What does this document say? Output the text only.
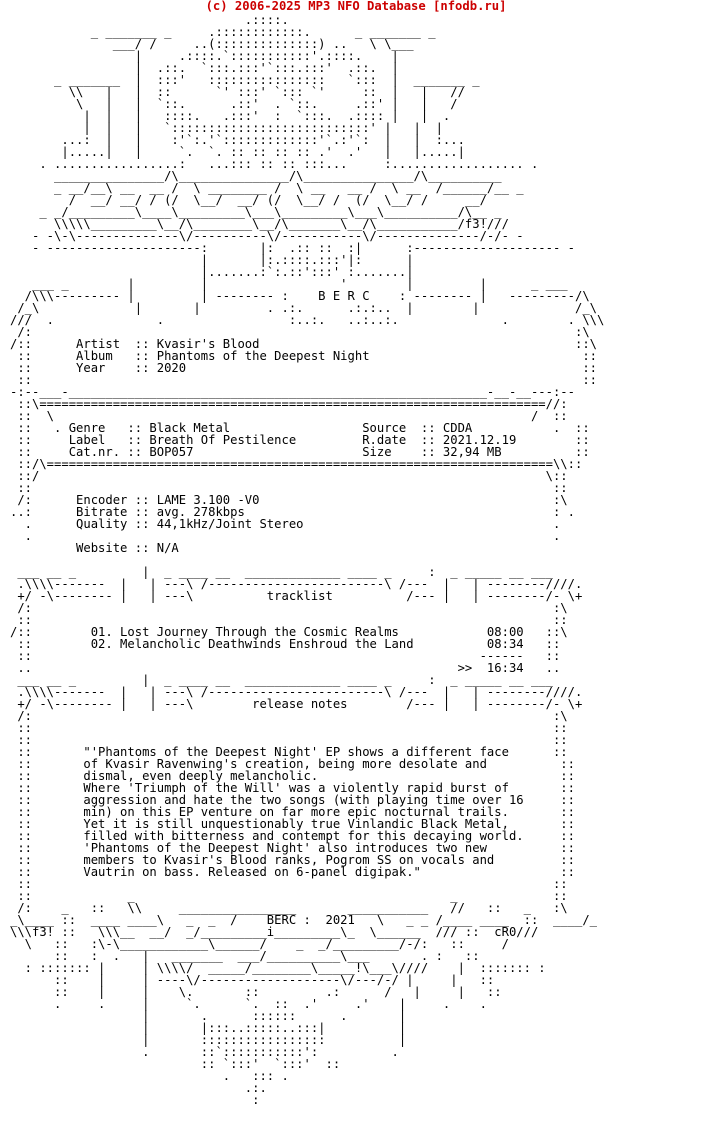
(c) 2006-2025 MP3 NFO Database [nfodb.ru]
.::::.
_ _______ _     .::::::::::::.      _ _______ _
___/ /     ..(::::::::::::::) ..   \ \___
|     .::::.`:::::::::::'.::::.    |
|  .::.  `:::.:::'`:::.:::'  .::.  |
_ _______  |  :::'   ::::::::::::::::   `:::  |  _______ _
\\   |   |  ::      `' :::' `::: `'     ::  |   |   //
\   |   |  `::.      .::'  . `::.     .::' |   |   /
|  |   |   ::::.   .:::'  :  `:::.  .:::: |   |  .
|  |   |   `:::::::::::::::::::::::::::' |   |  |
...:  |   |    :'`:.'`:::::::::::::'`.:'`:  |   |  :...
|.....|   |     `.  `. :: :: :: :: .'  .'   |   |.....|
. .................:   ...::: :: :: :::...     :.................. .
_______________/\_______________/\_______________/\__________
_ __/__\ __  __ /  \ ________ /  \ __   __ /  \ __  /______/__ _
/  __/ __/ / (/  \__/  __/ (/  \__/ /  (/  \__/ /     __/
_ _/_________\____\_________\___\_________\___\__________/\__ _
\\\\\_________\__/\________\__/\_______\__/\___________/f3!///
- -\-\--------------\/----------\/-----------\/--------------/-/- -
- ---------------------:       |:  .:: ::  :|      :-------------------- -
|       |:.::::.:::'|:      |
|.......:`:.::':::' :.......|
___ _        |         |                  '        |         |      _ ___
/\\\--------- |         | -------- :    B E R C    : -------- |   ---------/\
/_\             |       |         . .:.      .:.:..  |        |             /_\
///  .              .                 :..:.   ..:..:.              .        . \\\
/:                                                                          :\
/::      Artist  :: Kvasir's Blood                                           ::\
::      Album   :: Phantoms of the Deepest Night                             ::
::      Year    :: 2020                                                      ::
::                                                                           ::
-:--___-_________________________________________________________-__-__---:--
::\=====================================================================//:
::  \                                                                 /  ::
::   . Genre   :: Black Metal                  Source  :: CDDA           .  ::
::     Label   :: Breath Of Pestilence         R.date  :: 2021.12.19        ::
::     Cat.nr. :: BOP057                       Size    :: 32,94 MB          ::
::/\=====================================================================\\::
::/                                                                     \::
::                                                                       ::
/:      Encoder :: LAME 3.100 -V0                                        :\
..:      Bitrate :: avg. 278kbps                                          : .
.      Quality :: 44,1kHz/Joint Stereo                                  .
.                                                                       .
Website :: N/A

___ __ _         |  _ ____ __  _____________ ____ _     :  _ _____ __ ___
.\\\\-------  |   | ---\ /------------------------\ /---  |   | --------////.
+/ -\-------- |   | ---\          tracklist          /--- |   | --------/- \+
/:                                                                       :\
::                                                                       ::
/::        01. Lost Journey Through the Cosmic Realms            08:00   ::\
::        02. Melancholic Deathwinds Enshroud the Land          08:34   ::
::                                                             ------   ::
..                                                          >>  16:34   ..
___ __ _         |  _ ____ __  _____________ ____ _     :  _ _____ __ ___
.\\\\-------  |   | ---\ /------------------------\ /---  |   | --------////.
+/ -\-------- |   | ---\        release notes        /--- |   | --------/- \+
/:                                                                       :\
::                                                                       ::
::                                                                       ::
::       "'Phantoms of the Deepest Night' EP shows a different face      ::
::       of Kvasir Ravenwing's creation, being more desolate and          ::
::       dismal, even deeply melancholic.                                 ::
::       Where 'Triumph of the Will' was a violently rapid burst of       ::
::       aggression and hate the two songs (with playing time over 16     ::
::       min) on this EP venture on far more epic nocturnal trails.       ::
::       Yet it is still unquestionably true Vinlandic Black Metal,       ::
::       filled with bitterness and contempt for this decaying world.     ::
::       'Phantoms of the Deepest Night' also introduces two new          ::
::       members to Kvasir's Blood ranks, Pogrom SS on vocals and         ::
::       Vautrin on bass. Released on 6-panel digipak."                   ::
::                                                                       ::
::             _                                           _             ::
/:    _   ::   \\     ________________       ___________   //   ::   _   :\
_\____ ::  ____ ____\   _  _  /    BERC :  2021   \   _ _ /____ ____  ::  ____/_
\\\f3! ::   \\\__  __/  _/_________i_________\_  \______  /// ::  cR0///
\   ::   :\-\____________\______/    _  _/_________/-/:   ::     /
::   :  .   |   _______  ___/__________\___       . :   ::
: ::::::: |     | \\\\/  _____/________\_____!\___\////    |  ::::::: :
::    |     | ----\/-------------------\/---/-/ |     |   ::
::    |     |    \.       ::         .:      /   |     |   ::
.     .     |     `.      `.  ::  .'     .'    |     .    .
|       .      ::::::      .       |
|       |:::..:::::..:::|          |
|       :::::::::::::::::          |
.       ::`:::::::::::':          .
:: `:::'  `:::'  ::
.   ::: .
.:.
:
